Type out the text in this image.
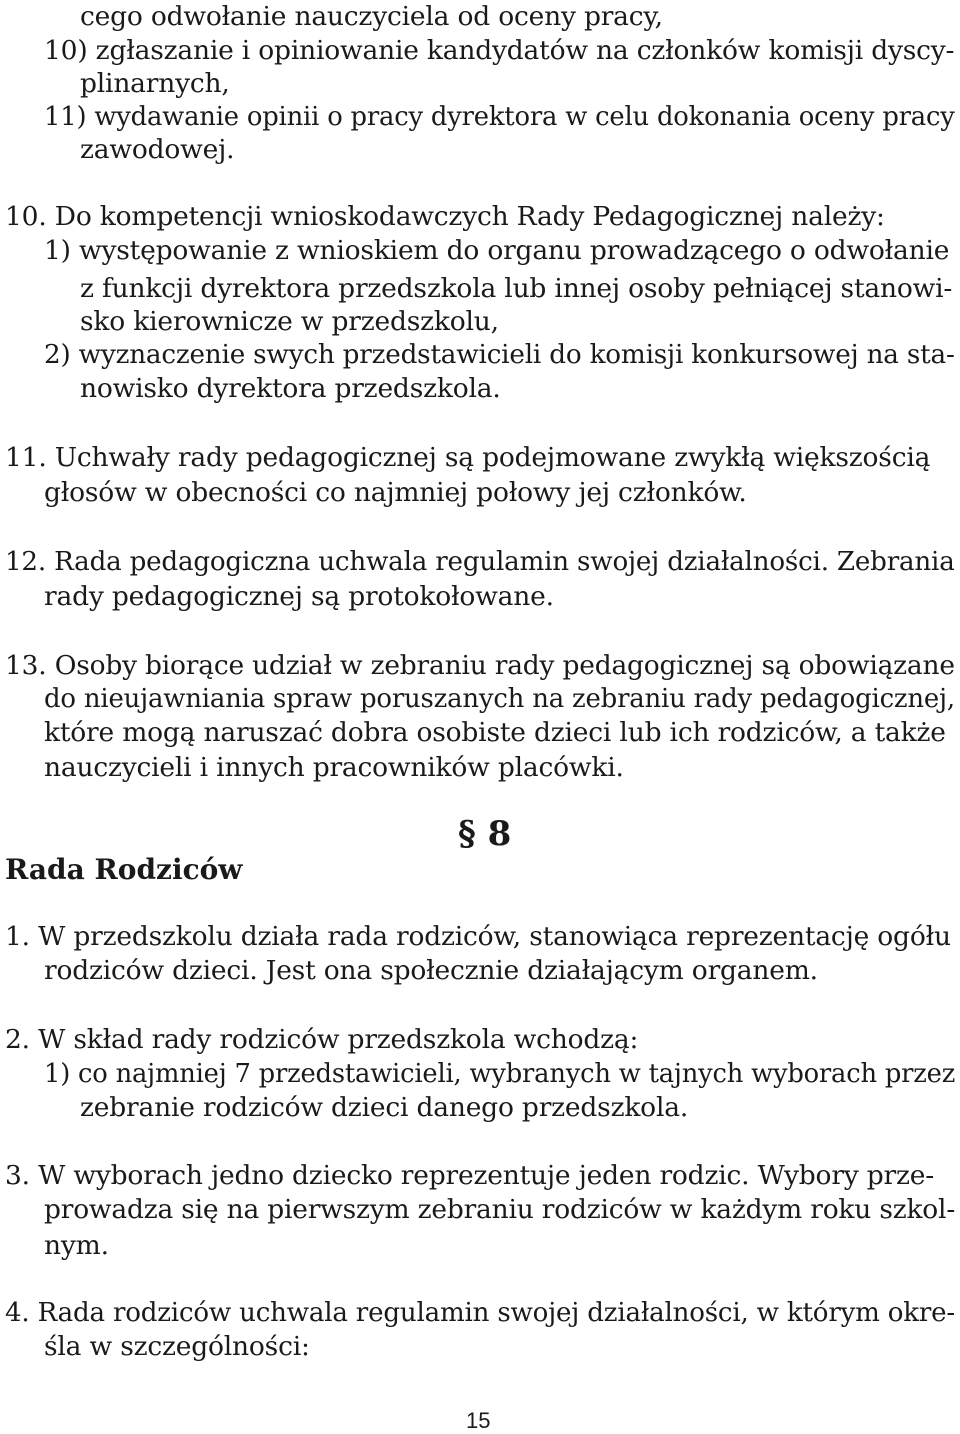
cego odwołanie nauczyciela od oceny pracy,
10) zgłaszanie i opiniowanie kandydatów na członków komisji dyscy-
plinarnych,
11) wydawanie opinii o pracy dyrektora w celu dokonania oceny pracy
zawodowej.
10. Do kompetencji wnioskodawczych Rady Pedagogicznej należy:
1) występowanie z wnioskiem do organu prowadzącego o odwołanie
z funkcji dyrektora przedszkola lub innej osoby pełniącej stanowi-
sko kierownicze w przedszkolu,
2) wyznaczenie swych przedstawicieli do komisji konkursowej na sta-
nowisko dyrektora przedszkola.
11. Uchwały rady pedagogicznej są podejmowane zwykłą większością
głosów w obecności co najmniej połowy jej członków.
12. Rada pedagogiczna uchwala regulamin swojej działalności. Zebrania
rady pedagogicznej są protokołowane.
13. Osoby biorące udział w zebraniu rady pedagogicznej są obowiązane
do nieujawniania spraw poruszanych na zebraniu rady pedagogicznej,
które mogą naruszać dobra osobiste dzieci lub ich rodziców, a także
nauczycieli i innych pracowników placówki.
1. W przedszkolu działa rada rodziców, stanowiąca reprezentację ogółu
rodziców dzieci. Jest ona społecznie działającym organem.
2. W skład rady rodziców przedszkola wchodzą:
1) co najmniej 7 przedstawicieli, wybranych w tajnych wyborach przez
zebranie rodziców dzieci danego przedszkola.
3. W wyborach jedno dziecko reprezentuje jeden rodzic. Wybory prze-
prowadza się na pierwszym zebraniu rodziców w każdym roku szkol-
nym.
4. Rada rodziców uchwala regulamin swojej działalności, w którym okre-
śla w szczególności:
§ 8
Rada Rodziców
15
